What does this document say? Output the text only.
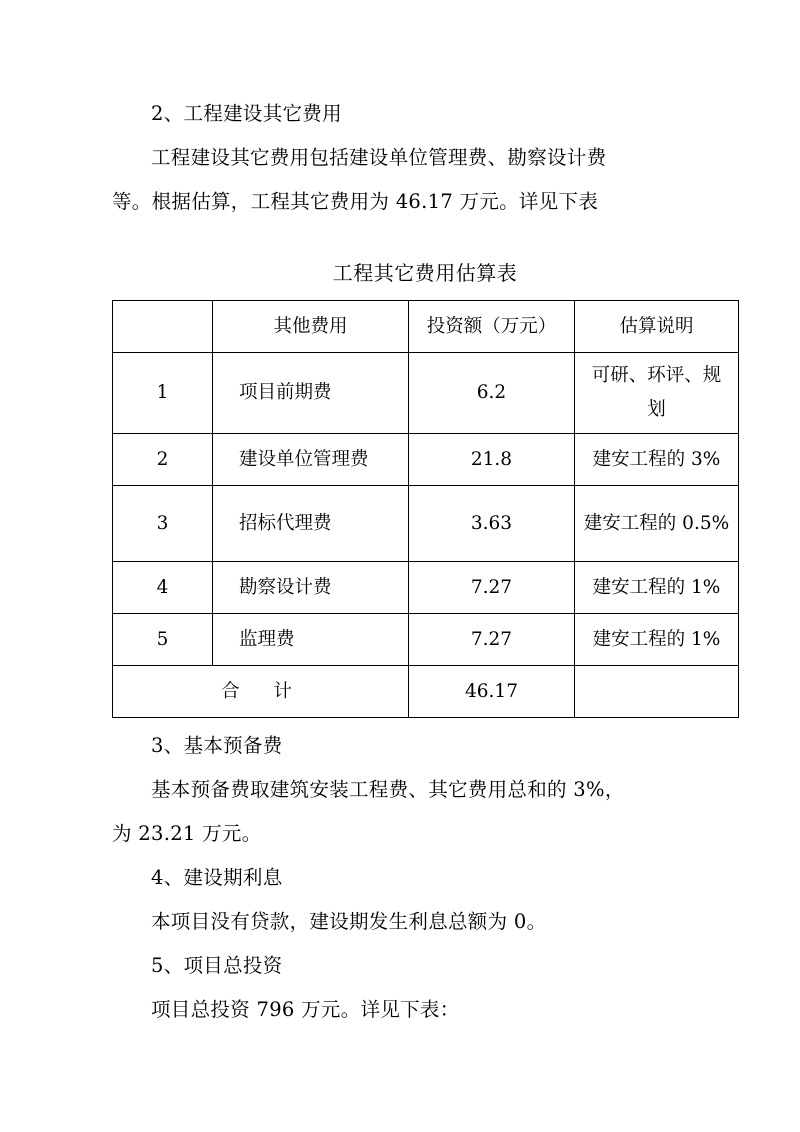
2、工程建设其它费用

工程建设其它费用包括建设单位管理费、勘察设计费

等。根据估算，工程其它费用为 46.17 万元。详见下表

工程其它费用估算表

	其他费用	投资额（万元）	估算说明
1	项目前期费	6.2	可研、环评、规划
2	建设单位管理费	21.8	建安工程的 3%
3	招标代理费	3.63	建安工程的 0.5%
4	勘察设计费	7.27	建安工程的 1%
5	监理费	7.27	建安工程的 1%
合 计		46.17	

3、基本预备费

基本预备费取建筑安装工程费、其它费用总和的 3%，

为 23.21 万元。

4、建设期利息

本项目没有贷款，建设期发生利息总额为 0。

5、项目总投资

项目总投资 796 万元。详见下表：
